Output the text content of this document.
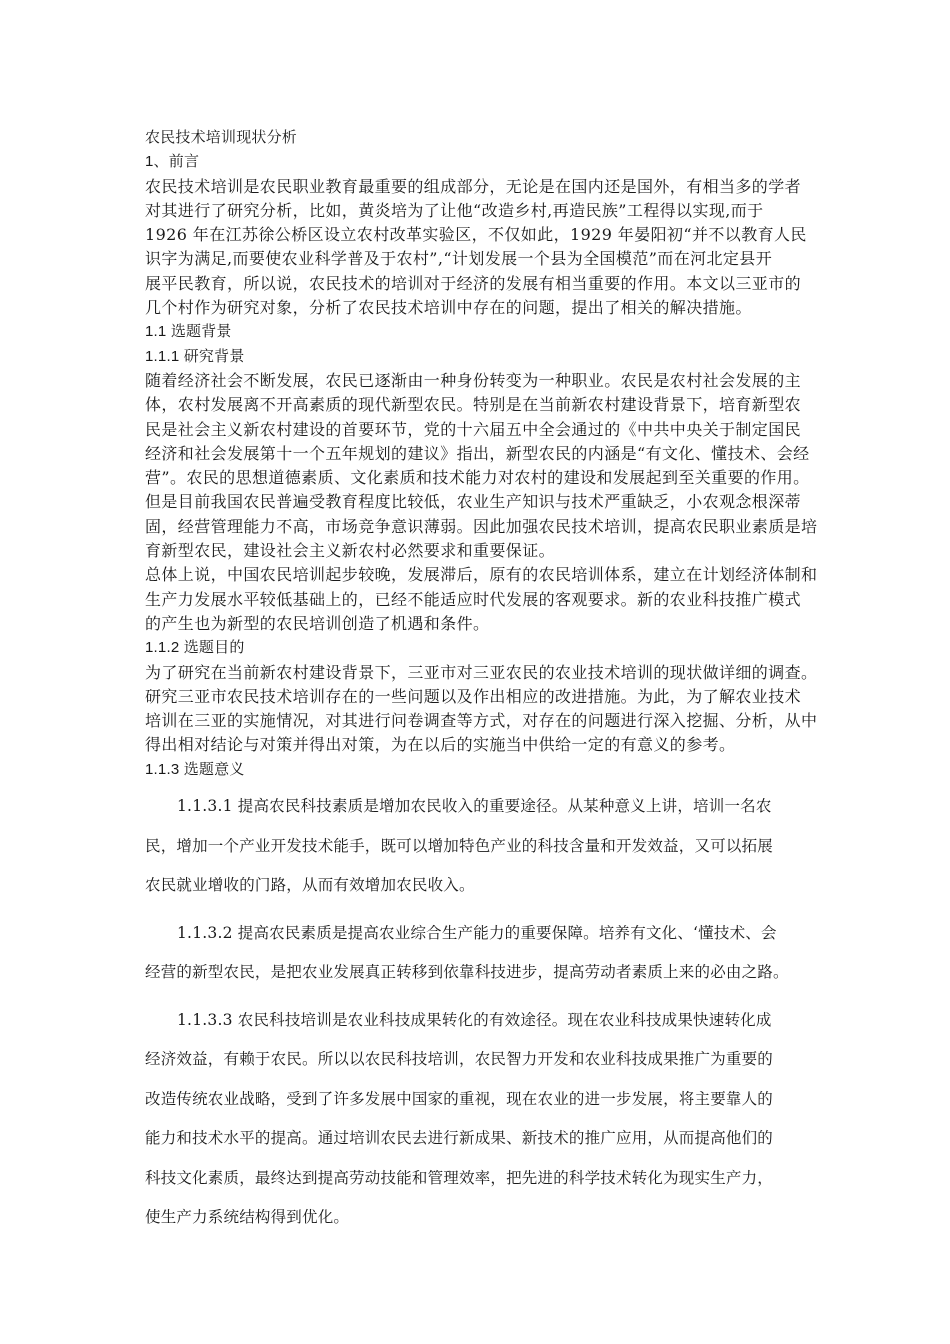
农民技术培训现状分析
1、前言
农民技术培训是农民职业教育最重要的组成部分，无论是在国内还是国外，有相当多的学者
对其进行了研究分析，比如，黄炎培为了让他“改造乡村,再造民族”工程得以实现,而于
1926 年在江苏徐公桥区设立农村改革实验区，不仅如此，1929 年晏阳初“并不以教育人民
识字为满足,而要使农业科学普及于农村”,“计划发展一个县为全国模范”而在河北定县开
展平民教育，所以说，农民技术的培训对于经济的发展有相当重要的作用。本文以三亚市的
几个村作为研究对象，分析了农民技术培训中存在的问题，提出了相关的解决措施。
1.1 选题背景
1.1.1 研究背景
随着经济社会不断发展，农民已逐渐由一种身份转变为一种职业。农民是农村社会发展的主
体，农村发展离不开高素质的现代新型农民。特别是在当前新农村建设背景下，培育新型农
民是社会主义新农村建设的首要环节，党的十六届五中全会通过的《中共中央关于制定国民
经济和社会发展第十一个五年规划的建议》指出，新型农民的内涵是“有文化、懂技术、会经
营”。农民的思想道德素质、文化素质和技术能力对农村的建设和发展起到至关重要的作用。
但是目前我国农民普遍受教育程度比较低，农业生产知识与技术严重缺乏，小农观念根深蒂
固，经营管理能力不高，市场竞争意识薄弱。因此加强农民技术培训，提高农民职业素质是培
育新型农民，建设社会主义新农村必然要求和重要保证。
总体上说，中国农民培训起步较晚，发展滞后，原有的农民培训体系，建立在计划经济体制和
生产力发展水平较低基础上的，已经不能适应时代发展的客观要求。新的农业科技推广模式
的产生也为新型的农民培训创造了机遇和条件。
1.1.2 选题目的
为了研究在当前新农村建设背景下，三亚市对三亚农民的农业技术培训的现状做详细的调查。
研究三亚市农民技术培训存在的一些问题以及作出相应的改进措施。为此，为了解农业技术
培训在三亚的实施情况，对其进行问卷调查等方式，对存在的问题进行深入挖掘、分析，从中
得出相对结论与对策并得出对策，为在以后的实施当中供给一定的有意义的参考。
1.1.3 选题意义
1.1.3.1 提高农民科技素质是增加农民收入的重要途径。从某种意义上讲，培训一名农
民，增加一个产业开发技术能手，既可以增加特色产业的科技含量和开发效益，又可以拓展
农民就业增收的门路，从而有效增加农民收入。
1.1.3.2 提高农民素质是提高农业综合生产能力的重要保障。培养有文化、‘懂技术、会
经营的新型农民，是把农业发展真正转移到依靠科技进步，提高劳动者素质上来的必由之路。
1.1.3.3 农民科技培训是农业科技成果转化的有效途径。现在农业科技成果快速转化成
经济效益，有赖于农民。所以以农民科技培训，农民智力开发和农业科技成果推广为重要的
改造传统农业战略，受到了许多发展中国家的重视，现在农业的进一步发展，将主要靠人的
能力和技术水平的提高。通过培训农民去进行新成果、新技术的推广应用，从而提高他们的
科技文化素质，最终达到提高劳动技能和管理效率，把先进的科学技术转化为现实生产力，
使生产力系统结构得到优化。
